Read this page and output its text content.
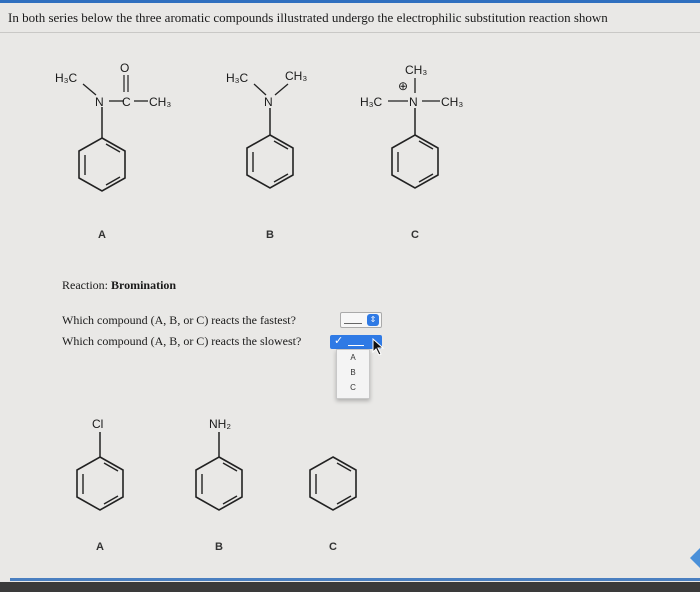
In both series below the three aromatic compounds illustrated undergo the electrophilic substitution reaction shown
H₃C
O
N C CH₃
A
H₃C	CH₃
N
B
CH₃
⊕
H₃C N CH₃
C
Cl
A
NH₂
B	C
Reaction: Bromination
Which compound (A, B, or C) reacts the fastest?
Which compound (A, B, or C) reacts the slowest?
⇕
✓
A
B
C
